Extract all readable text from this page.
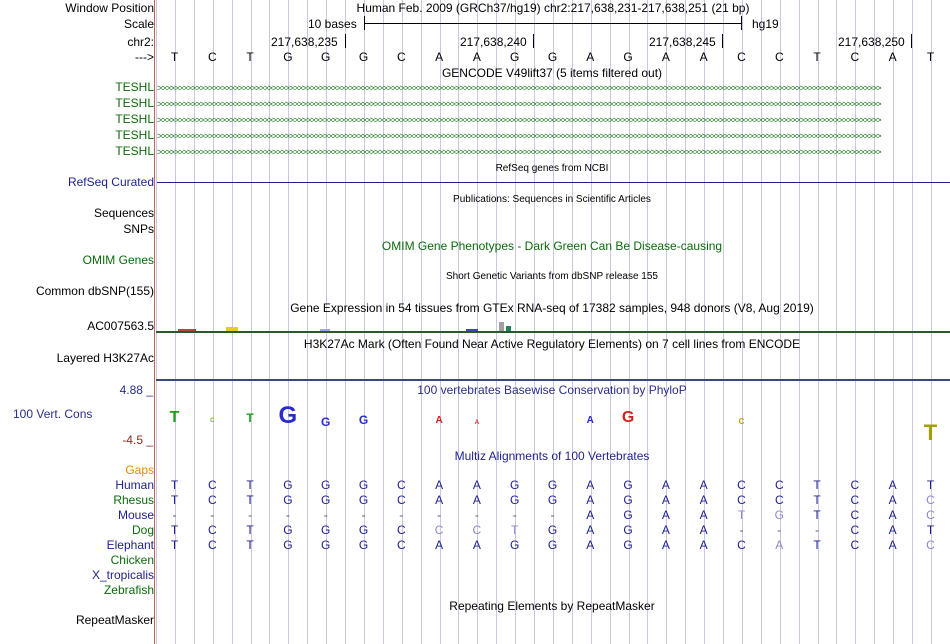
Window Position	Human Feb. 2009 (GRCh37/hg19) chr2:217,638,231-217,638,251 (21 bp)
Scale	10 bases	hg19
chr2:	217,638,235	217,638,240	217,638,245	217,638,250
--->
GENCODE V49lift37 (5 items filtered out)
TESHL
TESHL
TESHL
TESHL
TESHL
>>>>>>>>>>>>>>>>>>>>>>>>>>>>>>>>>>>>>>>>>>>>>>>>>>>>>>>>>>>>>>>>>>>>>>>>>>>>>>>>>>>>>>>>>>>>>>>>>>>>>>>>>>>>>>>>>>>>>>>>>>>>>>>>>>>>>>>>>>>>>>>>>>>>>>>>>>>>>>>>>>>>>>>>>>
>>>>>>>>>>>>>>>>>>>>>>>>>>>>>>>>>>>>>>>>>>>>>>>>>>>>>>>>>>>>>>>>>>>>>>>>>>>>>>>>>>>>>>>>>>>>>>>>>>>>>>>>>>>>>>>>>>>>>>>>>>>>>>>>>>>>>>>>>>>>>>>>>>>>>>>>>>>>>>>>>>>>>>>>>>
>>>>>>>>>>>>>>>>>>>>>>>>>>>>>>>>>>>>>>>>>>>>>>>>>>>>>>>>>>>>>>>>>>>>>>>>>>>>>>>>>>>>>>>>>>>>>>>>>>>>>>>>>>>>>>>>>>>>>>>>>>>>>>>>>>>>>>>>>>>>>>>>>>>>>>>>>>>>>>>>>>>>>>>>>>
>>>>>>>>>>>>>>>>>>>>>>>>>>>>>>>>>>>>>>>>>>>>>>>>>>>>>>>>>>>>>>>>>>>>>>>>>>>>>>>>>>>>>>>>>>>>>>>>>>>>>>>>>>>>>>>>>>>>>>>>>>>>>>>>>>>>>>>>>>>>>>>>>>>>>>>>>>>>>>>>>>>>>>>>>>
>>>>>>>>>>>>>>>>>>>>>>>>>>>>>>>>>>>>>>>>>>>>>>>>>>>>>>>>>>>>>>>>>>>>>>>>>>>>>>>>>>>>>>>>>>>>>>>>>>>>>>>>>>>>>>>>>>>>>>>>>>>>>>>>>>>>>>>>>>>>>>>>>>>>>>>>>>>>>>>>>>>>>>>>>>
RefSeq genes from NCBI
RefSeq Curated
Publications: Sequences in Scientific Articles
Sequences
SNPs
OMIM Gene Phenotypes - Dark Green Can Be Disease-causing
OMIM Genes
Short Genetic Variants from dbSNP release 155
Common dbSNP(155)
Gene Expression in 54 tissues from GTEx RNA-seq of 17382 samples, 948 donors (V8, Aug 2019)
AC007563.5
H3K27Ac Mark (Often Found Near Active Regulatory Elements) on 7 cell lines from ENCODE
Layered H3K27Ac
100 vertebrates Basewise Conservation by PhyloP
4.88 _
100 Vert. Cons
-4.5 _
Multiz Alignments of 100 Vertebrates
Gaps
Repeating Elements by RepeatMasker
RepeatMasker
T	C	T	G	G	G	C	A	A	G	G	A	G	A	A	C	C	T	C	A	T
Human	T	C	T	G	G	G	C	A	A	G	G	A	G	A	A	C	C	T	C	A	T
Rhesus	T	C	T	G	G	G	C	A	A	G	G	A	G	A	A	C	C	T	C	A	C
Mouse	-	-	-	-	-	-	-	-	-	-	-	A	G	A	A	T	G	T	C	A	C
Dog	T	C	T	G	G	G	C	C	C	T	G	A	G	A	A	-	-	-	C	A	T
Elephant	T	C	T	G	G	G	C	A	A	G	G	A	G	A	A	C	A	T	C	A	C
Chicken
X_tropicalis
Zebrafish
T	C	T	G	G	G	A	A	A	G	C	T
